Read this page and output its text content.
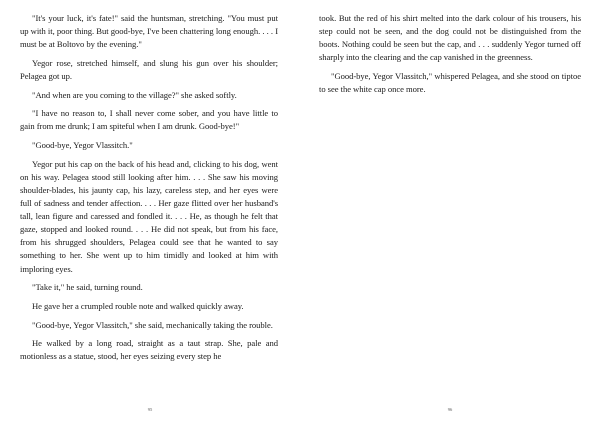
"It's your luck, it's fate!" said the huntsman, stretching. "You must put up with it, poor thing. But good-bye, I've been chattering long enough. . . . I must be at Boltovo by the evening."

Yegor rose, stretched himself, and slung his gun over his shoulder; Pelagea got up.

"And when are you coming to the village?" she asked softly.

"I have no reason to, I shall never come sober, and you have little to gain from me drunk; I am spiteful when I am drunk. Good-bye!"

"Good-bye, Yegor Vlassitch."

Yegor put his cap on the back of his head and, clicking to his dog, went on his way. Pelagea stood still looking after him. . . . She saw his moving shoulder-blades, his jaunty cap, his lazy, careless step, and her eyes were full of sadness and tender affection. . . . Her gaze flitted over her husband's tall, lean figure and caressed and fondled it. . . . He, as though he felt that gaze, stopped and looked round. . . . He did not speak, but from his face, from his shrugged shoulders, Pelagea could see that he wanted to say something to her. She went up to him timidly and looked at him with imploring eyes.

"Take it," he said, turning round.

He gave her a crumpled rouble note and walked quickly away.

"Good-bye, Yegor Vlassitch," she said, mechanically taking the rouble.

He walked by a long road, straight as a taut strap. She, pale and motionless as a statue, stood, her eyes seizing every step he

95

took. But the red of his shirt melted into the dark colour of his trousers, his step could not be seen, and the dog could not be distinguished from the boots. Nothing could be seen but the cap, and . . . suddenly Yegor turned off sharply into the clearing and the cap vanished in the greenness.

"Good-bye, Yegor Vlassitch," whispered Pelagea, and she stood on tiptoe to see the white cap once more.

96
